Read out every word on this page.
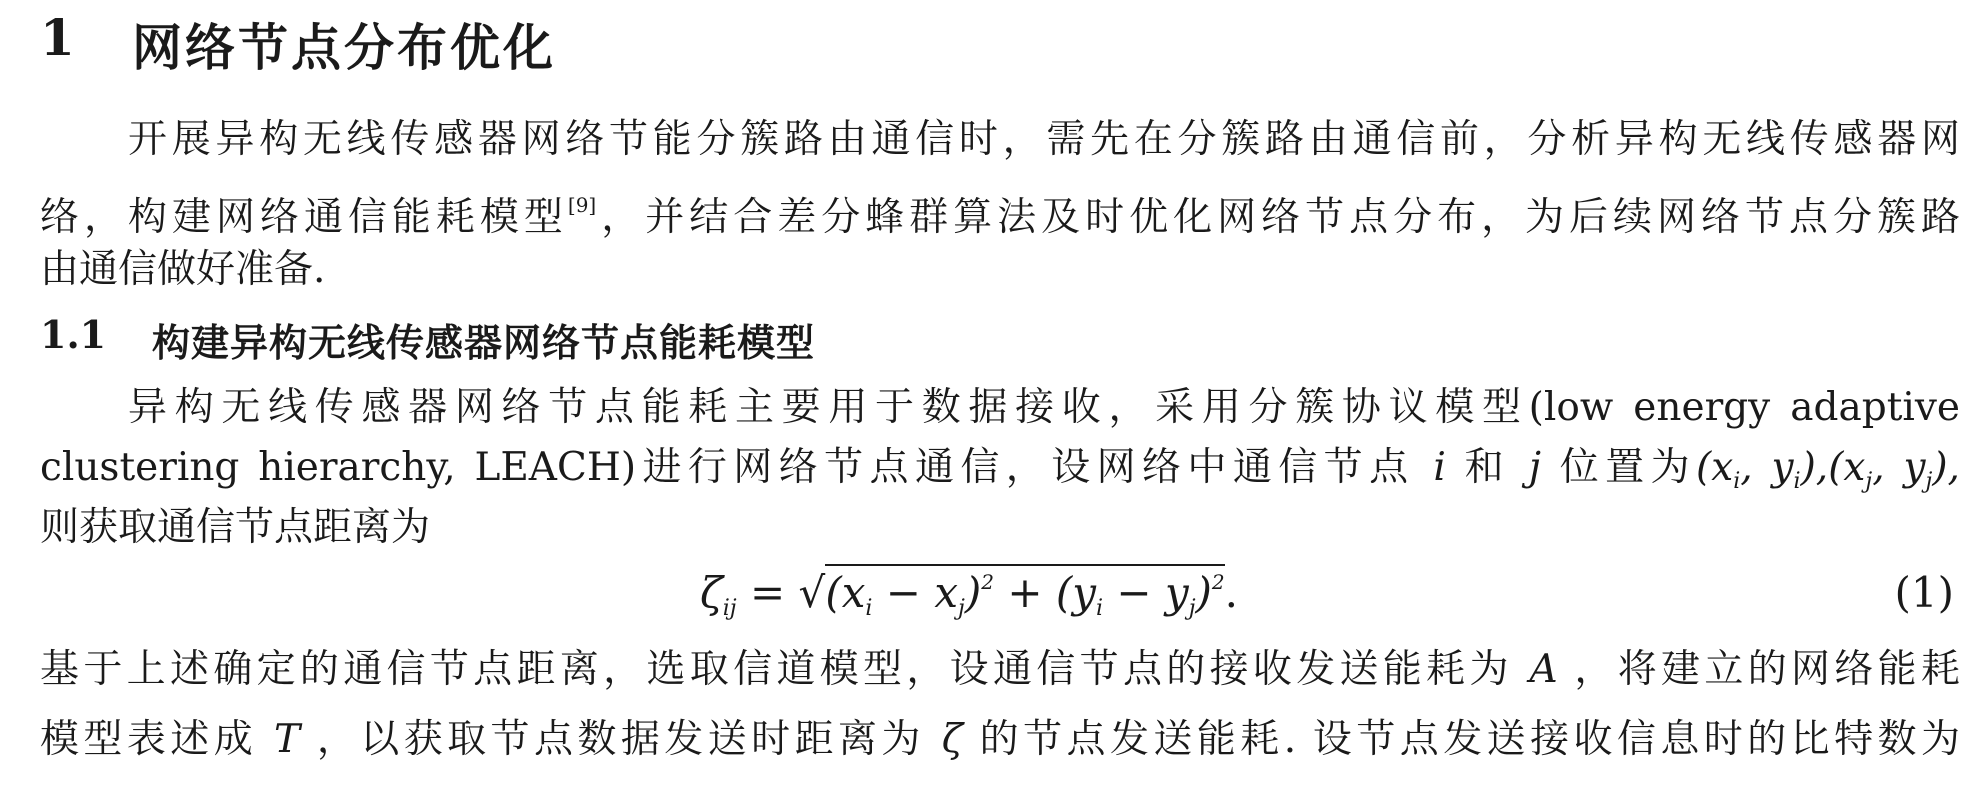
1 网络节点分布优化
开展异构无线传感器网络节能分簇路由通信时，需先在分簇路由通信前，分析异构无线传感器网
络，构建网络通信能耗模型[9]，并结合差分蜂群算法及时优化网络节点分布，为后续网络节点分簇路
由通信做好准备.
1.1 构建异构无线传感器网络节点能耗模型
异构无线传感器网络节点能耗主要用于数据接收，采用分簇协议模型(low energy adaptive
clustering hierarchy, LEACH)进行网络节点通信，设网络中通信节点 i 和 j 位置为($x_i$, $y_i),(x_j$, $y_j$),
则获取通信节点距离为
$\zeta_{ij} = √(x_i - x_j)^2 + (y_i - y_j)^2$.	(1)
基于上述确定的通信节点距离，选取信道模型，设通信节点的接收发送能耗为 A ，将建立的网络能耗
模型表述成 T ，以获取节点数据发送时距离为 ζ 的节点发送能耗. 设节点发送接收信息时的比特数为
